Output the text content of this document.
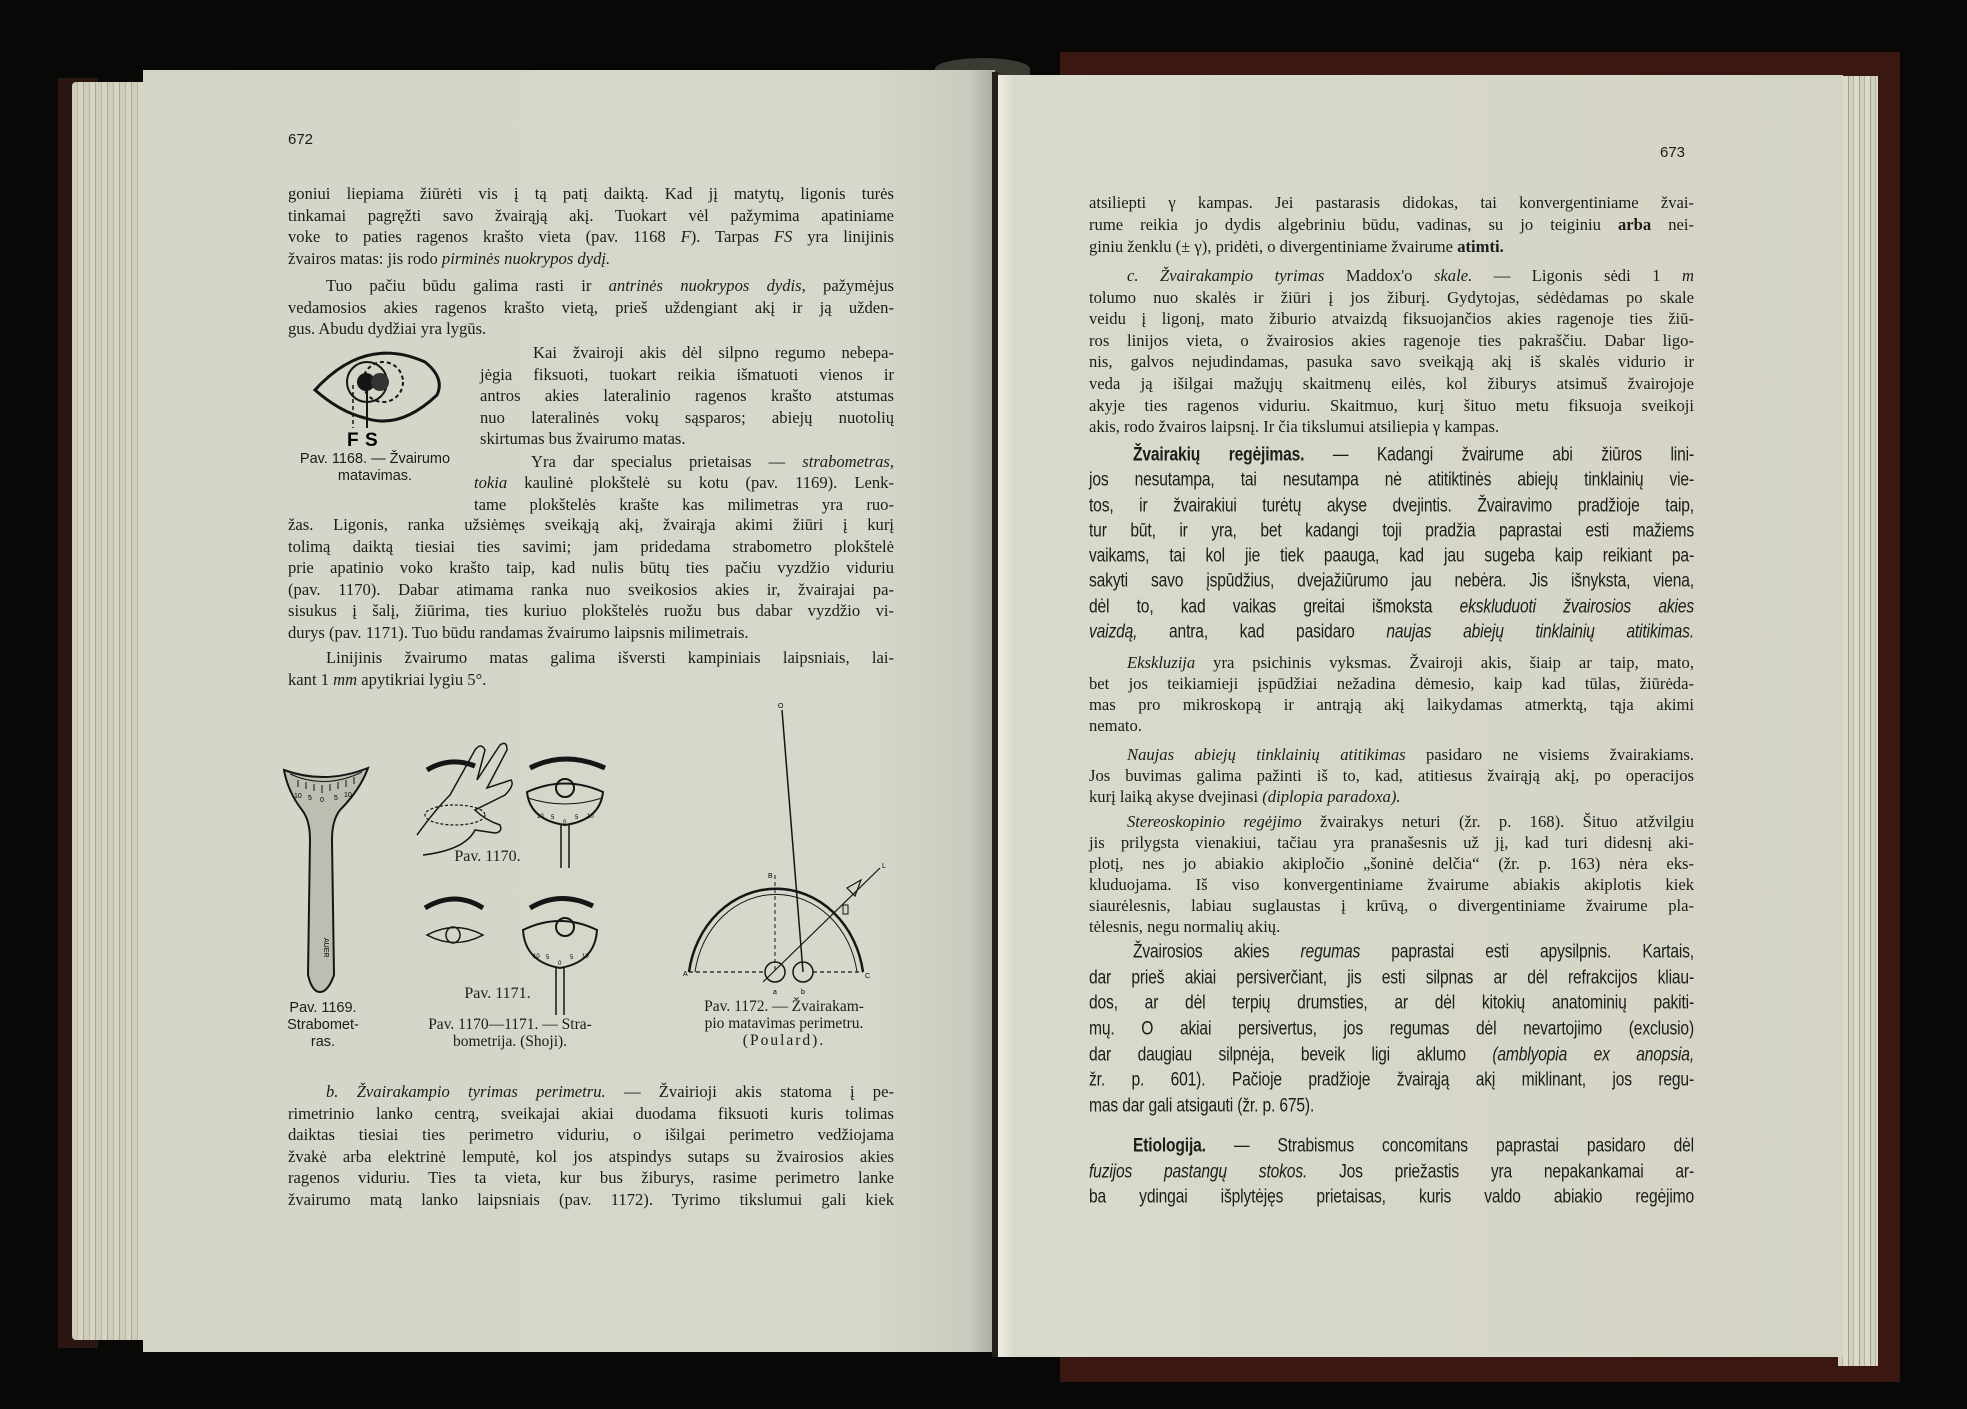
672
goniui liepiama žiūrėti vis į tą patį daiktą. Kad jį matytų, ligonis turės
tinkamai pagręžti savo žvairąją akį. Tuokart vėl pažymima apatiniame
voke to paties ragenos krašto vieta (pav. 1168 F). Tarpas FS yra linijinis
žvairos matas: jis rodo pirminės nuokrypos dydį.
Tuo pačiu būdu galima rasti ir antrinės nuokrypos dydis, pažymėjus
vedamosios akies ragenos krašto vietą, prieš uždengiant akį ir ją užden-
gus. Abudu dydžiai yra lygūs.
Kai žvairoji akis dėl silpno regumo nebepa-
jėgia fiksuoti, tuokart reikia išmatuoti vienos ir
antros akies lateralinio ragenos krašto atstumas
nuo lateralinės vokų sąsparos; abiejų nuotolių
skirtumas bus žvairumo matas.
Yra dar specialus prietaisas — strabometras,
tokia kaulinė plokštelė su kotu (pav. 1169). Lenk-
tame plokštelės krašte kas milimetras yra ruo-
žas. Ligonis, ranka užsiėmęs sveikąją akį, žvairąja akimi žiūri į kurį
tolimą daiktą tiesiai ties savimi; jam pridedama strabometro plokštelė
prie apatinio voko krašto taip, kad nulis būtų ties pačiu vyzdžio viduriu
(pav. 1170). Dabar atimama ranka nuo sveikosios akies ir, žvairajai pa-
sisukus į šalį, žiūrima, ties kuriuo plokštelės ruožu bus dabar vyzdžio vi-
durys (pav. 1171). Tuo būdu randamas žvairumo laipsnis milimetrais.
Linijinis žvairumo matas galima išversti kampiniais laipsniais, lai-
kant 1 mm apytikriai lygiu 5°.
b. Žvairakampio tyrimas perimetru. — Žvairioji akis statoma į pe-
rimetrinio lanko centrą, sveikajai akiai duodama fiksuoti kuris tolimas
daiktas tiesiai ties perimetro viduriu, o išilgai perimetro vedžiojama
žvakė arba elektrinė lemputė, kol jos atspindys sutaps su žvairosios akies
ragenos viduriu. Ties ta vieta, kur bus žiburys, rasime perimetro lanke
žvairumo matą lanko laipsniais (pav. 1172). Tyrimo tikslumui gali kiek
F S
Pav. 1168. — Žvairumo
matavimas.
10 5 0 5 10
AUER
Pav. 1169.
Strabomet-
ras.
10 5
0
5 10
Pav. 1170.
10 5
0
5 10
Pav. 1171.
Pav. 1170—1171. — Stra-
bometrija. (Shoji).
O
B
L
A	C
a	b
Pav. 1172. — Žvairakam-
pio matavimas perimetru.
(Poulard).
673
atsiliepti γ kampas. Jei pastarasis didokas, tai konvergentiniame žvai-
rume reikia jo dydis algebriniu būdu, vadinas, su jo teiginiu arba nei-
giniu ženklu (± γ), pridėti, o divergentiniame žvairume atimti.
c. Žvairakampio tyrimas Maddox'o skale. — Ligonis sėdi 1 m
tolumo nuo skalės ir žiūri į jos žiburį. Gydytojas, sėdėdamas po skale
veidu į ligonį, mato žiburio atvaizdą fiksuojančios akies ragenoje ties žiū-
ros linijos vieta, o žvairosios akies ragenoje ties pakraščiu. Dabar ligo-
nis, galvos nejudindamas, pasuka savo sveikąją akį iš skalės vidurio ir
veda ją išilgai mažųjų skaitmenų eilės, kol žiburys atsimuš žvairojoje
akyje ties ragenos viduriu. Skaitmuo, kurį šituo metu fiksuoja sveikoji
akis, rodo žvairos laipsnį. Ir čia tikslumui atsiliepia γ kampas.
Žvairakių regėjimas. — Kadangi žvairume abi žiūros lini-
jos nesutampa, tai nesutampa nė atitiktinės abiejų tinklainių vie-
tos, ir žvairakiui turėtų akyse dvejintis. Žvairavimo pradžioje taip,
tur būt, ir yra, bet kadangi toji pradžia paprastai esti mažiems
vaikams, tai kol jie tiek paauga, kad jau sugeba kaip reikiant pa-
sakyti savo įspūdžius, dvejažiūrumo jau nebėra. Jis išnyksta, viena,
dėl to, kad vaikas greitai išmoksta ekskluduoti žvairosios akies
vaizdą, antra, kad pasidaro naujas abiejų tinklainių atitikimas.
Ekskluzija yra psichinis vyksmas. Žvairoji akis, šiaip ar taip, mato,
bet jos teikiamieji įspūdžiai nežadina dėmesio, kaip kad tūlas, žiūrėda-
mas pro mikroskopą ir antrąją akį laikydamas atmerktą, tąja akimi
nemato.
Naujas abiejų tinklainių atitikimas pasidaro ne visiems žvairakiams.
Jos buvimas galima pažinti iš to, kad, atitiesus žvairąją akį, po operacijos
kurį laiką akyse dvejinasi (diplopia paradoxa).
Stereoskopinio regėjimo žvairakys neturi (žr. p. 168). Šituo atžvilgiu
jis prilygsta vienakiui, tačiau yra pranašesnis už jį, kad turi didesnį aki-
plotį, nes jo abiakio akipločio „šoninė delčia“ (žr. p. 163) nėra eks-
kluduojama. Iš viso konvergentiniame žvairume abiakis akiplotis kiek
siaurėlesnis, labiau suglaustas į krūvą, o divergentiniame žvairume pla-
tėlesnis, negu normalių akių.
Žvairosios akies regumas paprastai esti apysilpnis. Kartais,
dar prieš akiai persiverčiant, jis esti silpnas ar dėl refrakcijos kliau-
dos, ar dėl terpių drumsties, ar dėl kitokių anatominių pakiti-
mų. O akiai persivertus, jos regumas dėl nevartojimo (exclusio)
dar daugiau silpnėja, beveik ligi aklumo (amblyopia ex anopsia,
žr. p. 601). Pačioje pradžioje žvairąją akį miklinant, jos regu-
mas dar gali atsigauti (žr. p. 675).
Etiologija. — Strabismus concomitans paprastai pasidaro dėl
fuzijos pastangų stokos. Jos priežastis yra nepakankamai ar-
ba ydingai išplytėjęs prietaisas, kuris valdo abiakio regėjimo
